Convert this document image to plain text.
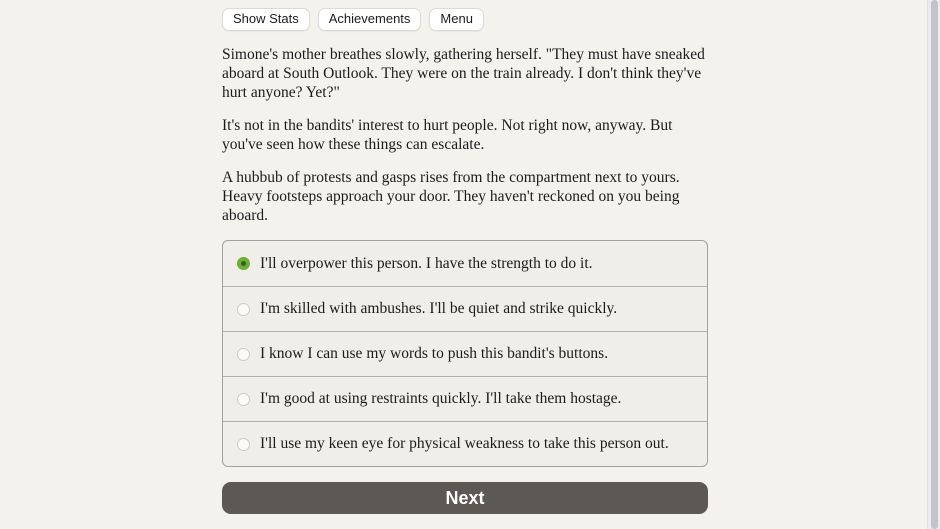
Show Stats	Achievements	Menu

Simone's mother breathes slowly, gathering herself. "They must have sneaked aboard at South Outlook. They were on the train already. I don't think they've hurt anyone? Yet?"

It's not in the bandits' interest to hurt people. Not right now, anyway. But you've seen how these things can escalate.

A hubbub of protests and gasps rises from the compartment next to yours. Heavy footsteps approach your door. They haven't reckoned on you being aboard.

I'll overpower this person. I have the strength to do it.
I'm skilled with ambushes. I'll be quiet and strike quickly.
I know I can use my words to push this bandit's buttons.
I'm good at using restraints quickly. I'll take them hostage.
I'll use my keen eye for physical weakness to take this person out.
Next
